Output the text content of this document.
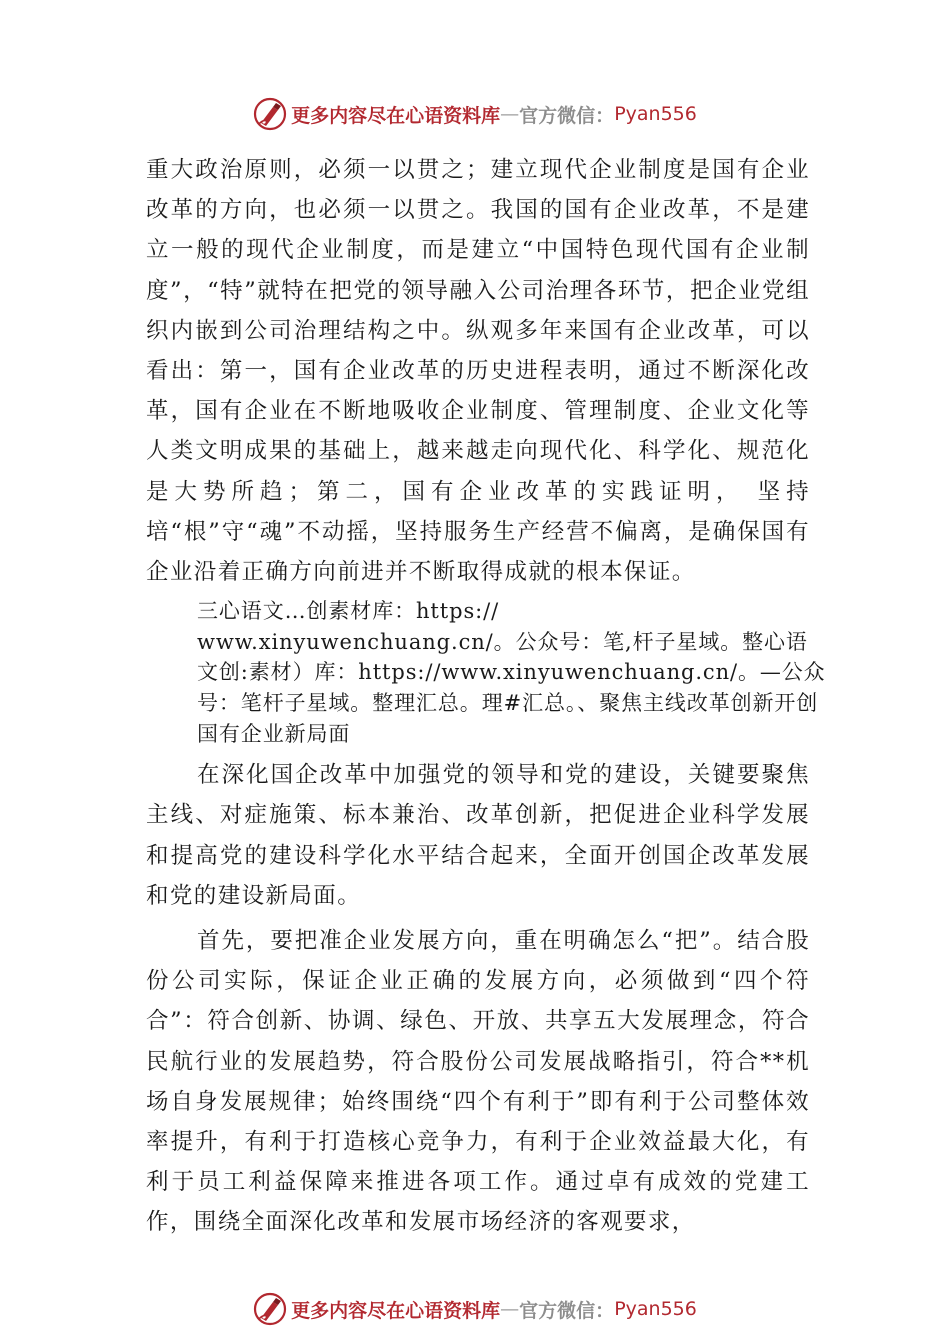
更多内容尽在心语资料库 — 官方微信： Pyan556

重大政治原则，必须一以贯之；建立现代企业制度是国有企业改革的方向，也必须一以贯之。我国的国有企业改革，不是建立一般的现代企业制度，而是建立“中国特色现代国有企业制度”，“特”就特在把党的领导融入公司治理各环节，把企业党组织内嵌到公司治理结构之中。纵观多年来国有企业改革，可以看出：第一，国有企业改革的历史进程表明，通过不断深化改革，国有企业在不断地吸收企业制度、管理制度、企业文化等人类文明成果的基础上，越来越走向现代化、科学化、规范化是大势所趋；第二，国有企业改革的实践证明， 坚持培“根”守“魂”不动摇，坚持服务生产经营不偏离，是确保国有企业沿着正确方向前进并不断取得成就的根本保证。

三心语文…创素材库：https://
www.xinyuwenchuang.cn/。公众号：笔,杆子星域。整心语文创:素材）库：https://www.xinyuwenchuang.cn/。—公众号：笔杆子星域。整理汇总。理#汇总。、聚焦主线改革创新开创国有企业新局面

在深化国企改革中加强党的领导和党的建设，关键要聚焦主线、对症施策、标本兼治、改革创新，把促进企业科学发展和提高党的建设科学化水平结合起来，全面开创国企改革发展和党的建设新局面。

首先，要把准企业发展方向，重在明确怎么“把”。结合股份公司实际，保证企业正确的发展方向，必须做到“四个符合”：符合创新、协调、绿色、开放、共享五大发展理念，符合民航行业的发展趋势，符合股份公司发展战略指引，符合**机场自身发展规律；始终围绕“四个有利于”即有利于公司整体效率提升，有利于打造核心竞争力，有利于企业效益最大化，有利于员工利益保障来推进各项工作。通过卓有成效的党建工作，围绕全面深化改革和发展市场经济的客观要求，

更多内容尽在心语资料库 — 官方微信： Pyan556
